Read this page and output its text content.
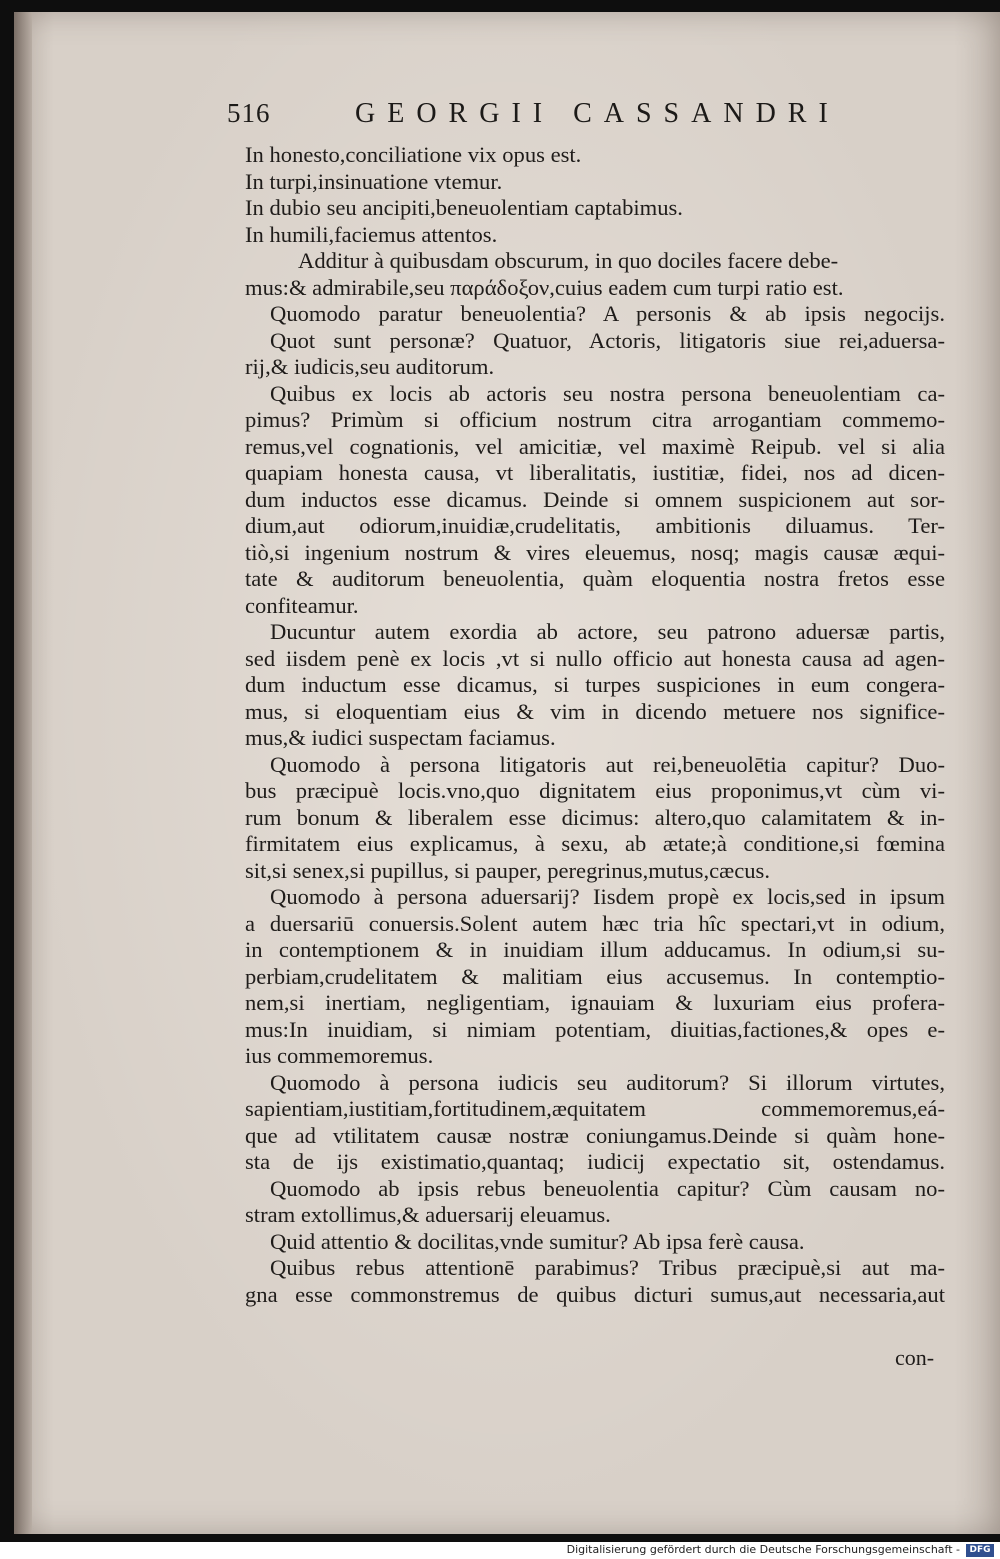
516	GEORGII CASSANDRI
In honesto,conciliatione vix opus est.
In turpi,insinuatione vtemur.
In dubio seu ancipiti,beneuolentiam captabimus.
In humili,faciemus attentos.
Additur à quibusdam obscurum, in quo dociles facere debe-
mus:& admirabile,seu παράδοξον,cuius eadem cum turpi ratio est.
Quomodo paratur beneuolentia? A personis & ab ipsis negocijs.
Quot sunt personæ? Quatuor, Actoris, litigatoris siue rei,aduersa-
rij,& iudicis,seu auditorum.
Quibus ex locis ab actoris seu nostra persona beneuolentiam ca-
pimus? Primùm si officium nostrum citra arrogantiam commemo-
remus,vel cognationis, vel amicitiæ, vel maximè Reipub. vel si alia
quapiam honesta causa, vt liberalitatis, iustitiæ, fidei, nos ad dicen-
dum inductos esse dicamus. Deinde si omnem suspicionem aut sor-
dium,aut odiorum,inuidiæ,crudelitatis, ambitionis diluamus. Ter-
tiò,si ingenium nostrum & vires eleuemus, nosq; magis causæ æqui-
tate & auditorum beneuolentia, quàm eloquentia nostra fretos esse
confiteamur.
Ducuntur autem exordia ab actore, seu patrono aduersæ partis,
sed iisdem penè ex locis ,vt si nullo officio aut honesta causa ad agen-
dum inductum esse dicamus, si turpes suspiciones in eum congera-
mus, si eloquentiam eius & vim in dicendo metuere nos significe-
mus,& iudici suspectam faciamus.
Quomodo à persona litigatoris aut rei,beneuolētia capitur? Duo-
bus præcipuè locis.vno,quo dignitatem eius proponimus,vt cùm vi-
rum bonum & liberalem esse dicimus: altero,quo calamitatem & in-
firmitatem eius explicamus, à sexu, ab ætate;à conditione,si fœmina
sit,si senex,si pupillus, si pauper, peregrinus,mutus,cæcus.
Quomodo à persona aduersarij? Iisdem propè ex locis,sed in ipsum
a duersariū conuersis.Solent autem hæc tria hîc spectari,vt in odium,
in contemptionem & in inuidiam illum adducamus. In odium,si su-
perbiam,crudelitatem & malitiam eius accusemus. In contemptio-
nem,si inertiam, negligentiam, ignauiam & luxuriam eius profera-
mus:In inuidiam, si nimiam potentiam, diuitias,factiones,& opes e-
ius commemoremus.
Quomodo à persona iudicis seu auditorum? Si illorum virtutes,
sapientiam,iustitiam,fortitudinem,æquitatem commemoremus,eá-
que ad vtilitatem causæ nostræ coniungamus.Deinde si quàm hone-
sta de ijs existimatio,quantaq; iudicij expectatio sit, ostendamus.
Quomodo ab ipsis rebus beneuolentia capitur? Cùm causam no-
stram extollimus,& aduersarij eleuamus.
Quid attentio & docilitas,vnde sumitur? Ab ipsa ferè causa.
Quibus rebus attentionē parabimus? Tribus præcipuè,si aut ma-
gna esse commonstremus de quibus dicturi sumus,aut necessaria,aut
con-
Digitalisierung gefördert durch die Deutsche Forschungsgemeinschaft -	DFG
